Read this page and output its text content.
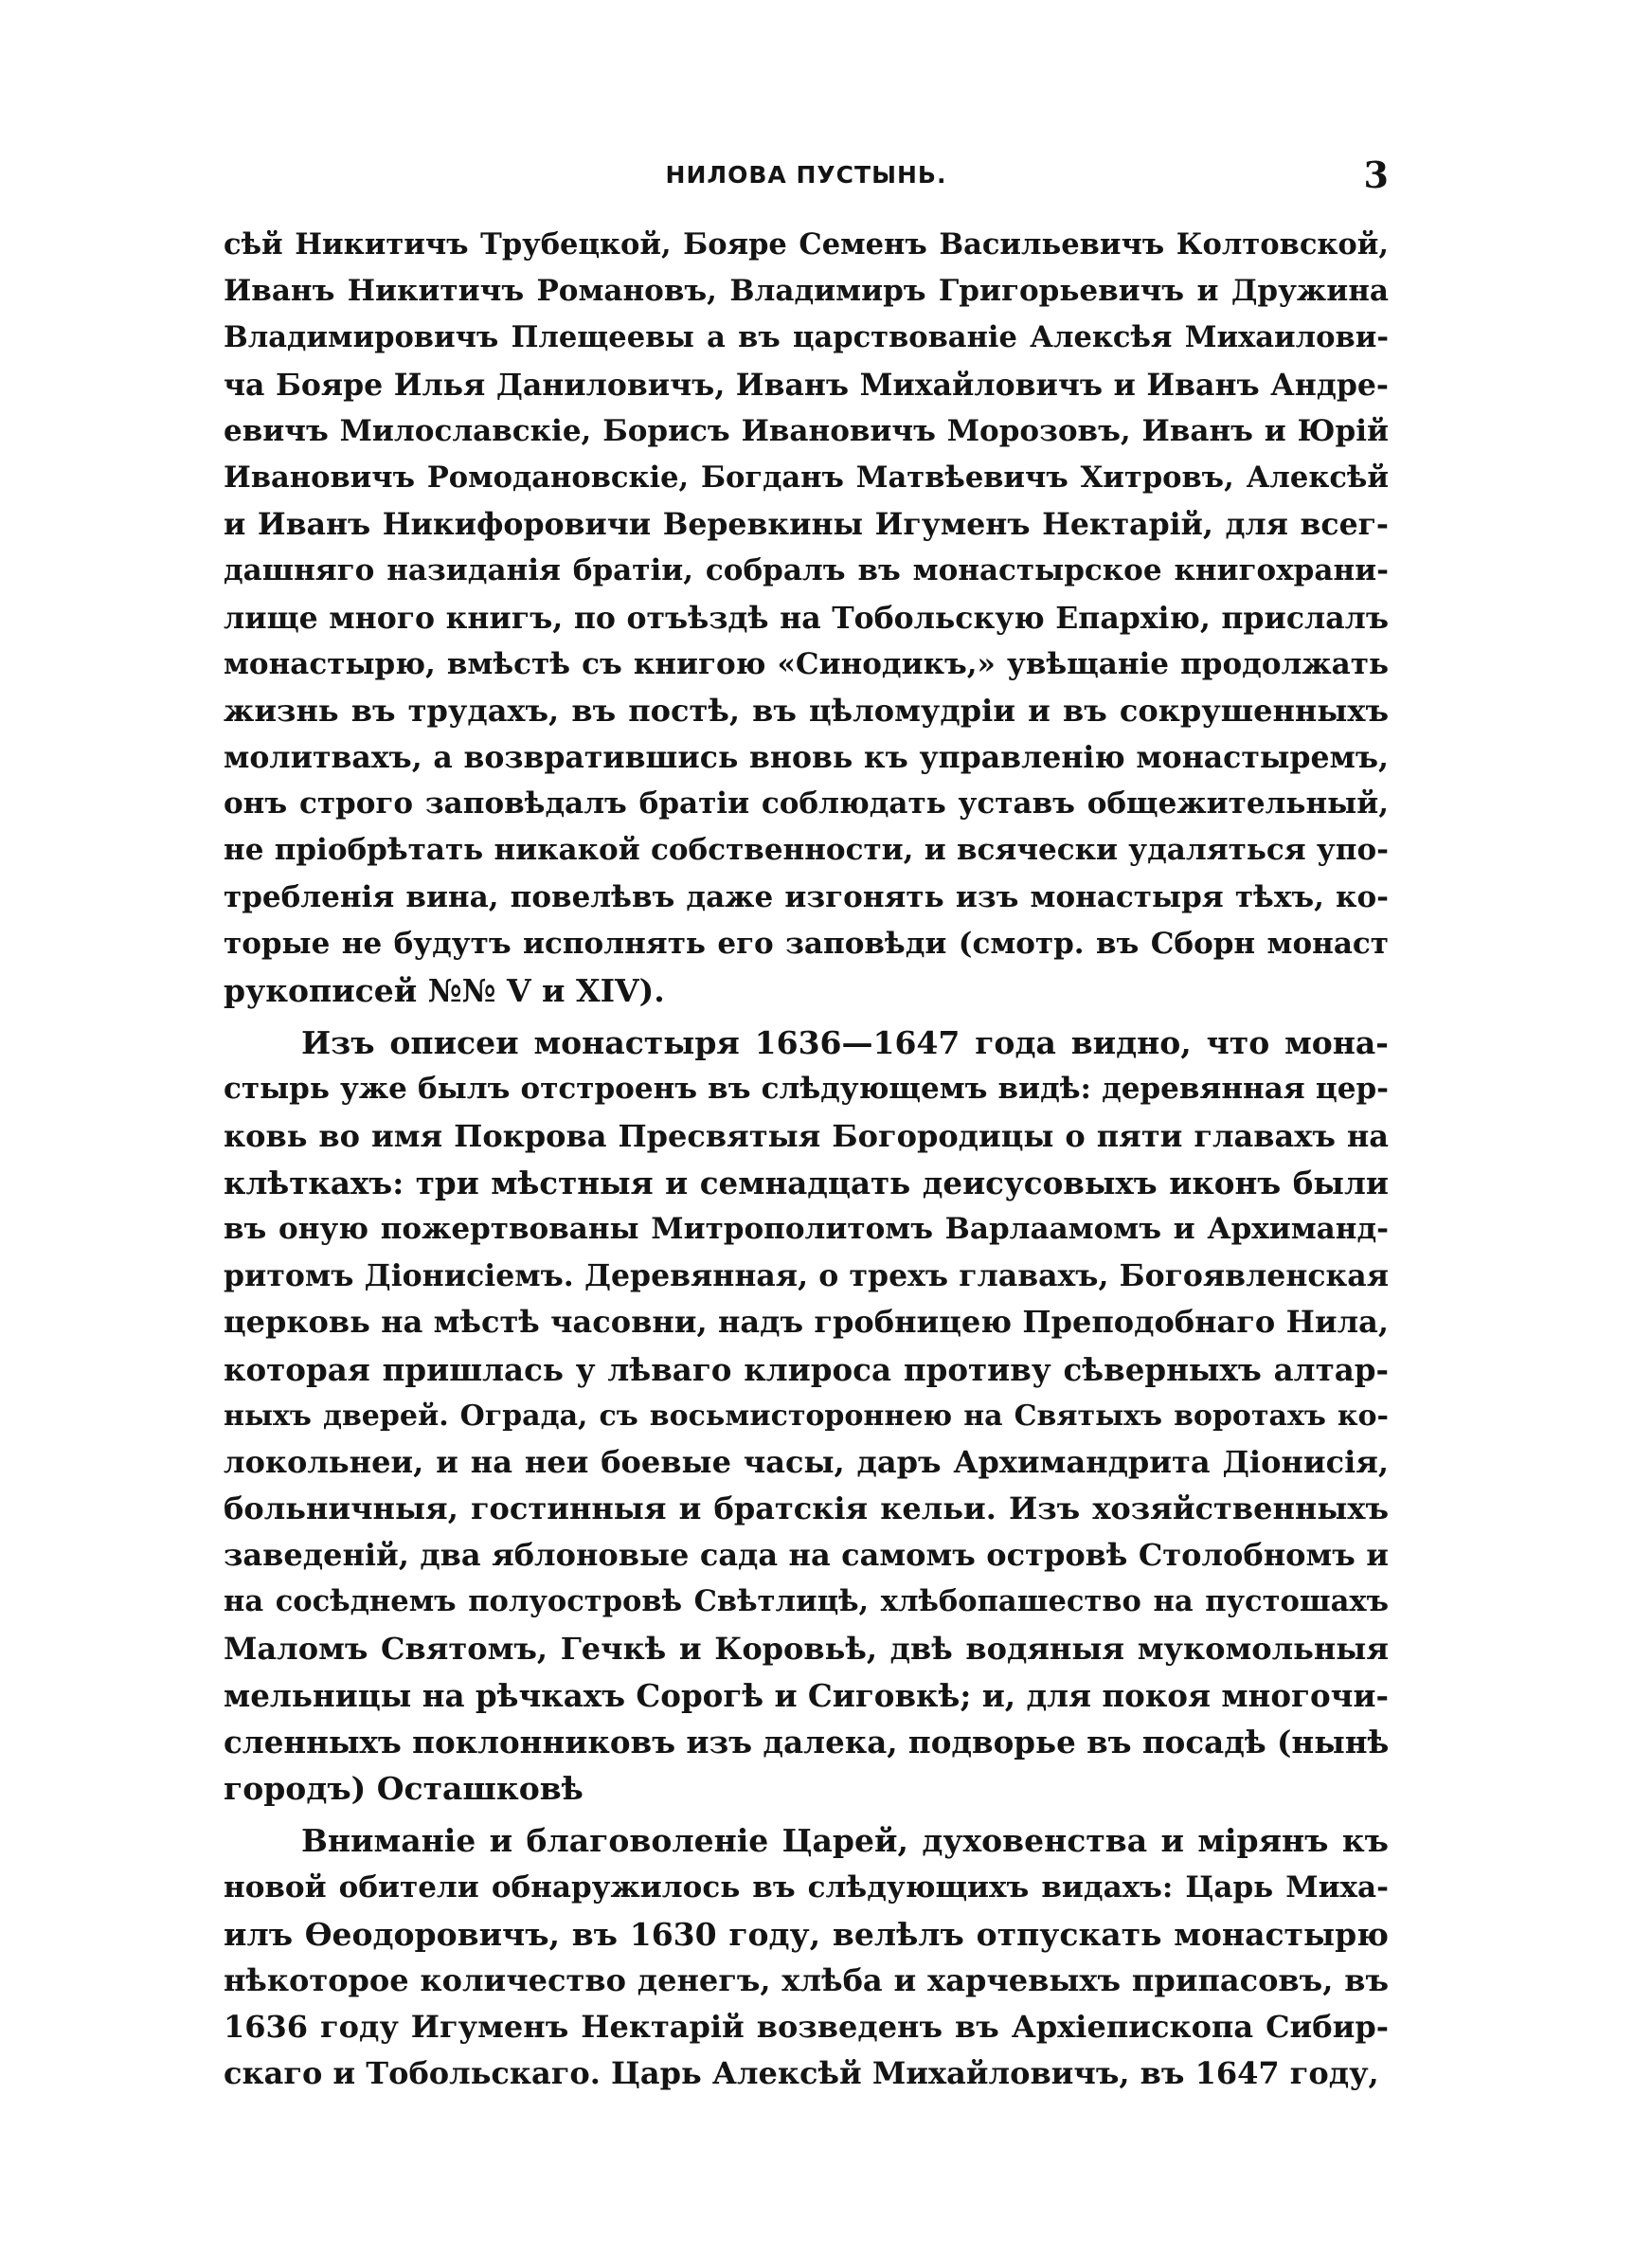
НИЛОВА ПУСТЫНЬ.	3
сѣй Никитичъ Трубецкой, Бояре Семенъ Васильевичъ Колтовской,
Иванъ Никитичъ Романовъ, Владимиръ Григорьевичъ и Дружина
Владимировичъ Плещеевы а въ царствованіе Алексѣя Михаилови-
ча Бояре Илья Даниловичъ, Иванъ Михайловичъ и Иванъ Андре-
евичъ Милославскіе, Борисъ Ивановичъ Морозовъ, Иванъ и Юрій
Ивановичъ Ромодановскіе, Богданъ Матвѣевичъ Хитровъ, Алексѣй
и Иванъ Никифоровичи Веревкины Игуменъ Нектарій, для всег-
дашняго назиданія братіи, собралъ въ монастырское книгохрани-
лище много книгъ, по отъѣздѣ на Тобольскую Епархію, прислалъ
монастырю, вмѣстѣ съ книгою «Синодикъ,» увѣщаніе продолжать
жизнь въ трудахъ, въ постѣ, въ цѣломудріи и въ сокрушенныхъ
молитвахъ, а возвратившись вновь къ управленію монастыремъ,
онъ строго заповѣдалъ братіи соблюдать уставъ общежительный,
не пріобрѣтать никакой собственности, и всячески удаляться упо-
требленія вина, повелѣвъ даже изгонять изъ монастыря тѣхъ, ко-
торые не будутъ исполнять его заповѣди (смотр. въ Сборн монаст
рукописей №№ V и XIV).
Изъ описеи монастыря 1636—1647 года видно, что мона-
стырь уже былъ отстроенъ въ слѣдующемъ видѣ: деревянная цер-
ковь во имя Покрова Пресвятыя Богородицы о пяти главахъ на
клѣткахъ: три мѣстныя и семнадцать деисусовыхъ иконъ были
въ оную пожертвованы Митрополитомъ Варлаамомъ и Архиманд-
ритомъ Діонисіемъ. Деревянная, о трехъ главахъ, Богоявленская
церковь на мѣстѣ часовни, надъ гробницею Преподобнаго Нила,
которая пришлась у лѣваго клироса противу сѣверныхъ алтар-
ныхъ дверей. Ограда, съ восьмистороннею на Святыхъ воротахъ ко-
локольнеи, и на неи боевые часы, даръ Архимандрита Діонисія,
больничныя, гостинныя и братскія кельи. Изъ хозяйственныхъ
заведеній, два яблоновые сада на самомъ островѣ Столобномъ и
на сосѣднемъ полуостровѣ Свѣтлицѣ, хлѣбопашество на пустошахъ
Маломъ Святомъ, Гечкѣ и Коровьѣ, двѣ водяныя мукомольныя
мельницы на рѣчкахъ Сорогѣ и Сиговкѣ; и, для покоя многочи-
сленныхъ поклонниковъ изъ далека, подворье въ посадѣ (нынѣ
городъ) Осташковѣ
Вниманіе и благоволеніе Царей, духовенства и мірянъ къ
новой обители обнаружилось въ слѣдующихъ видахъ: Царь Миха-
илъ Өеодоровичъ, въ 1630 году, велѣлъ отпускать монастырю
нѣкоторое количество денегъ, хлѣба и харчевыхъ припасовъ, въ
1636 году Игуменъ Нектарій возведенъ въ Архіепископа Сибир-
скаго и Тобольскаго. Царь Алексѣй Михайловичъ, въ 1647 году,
